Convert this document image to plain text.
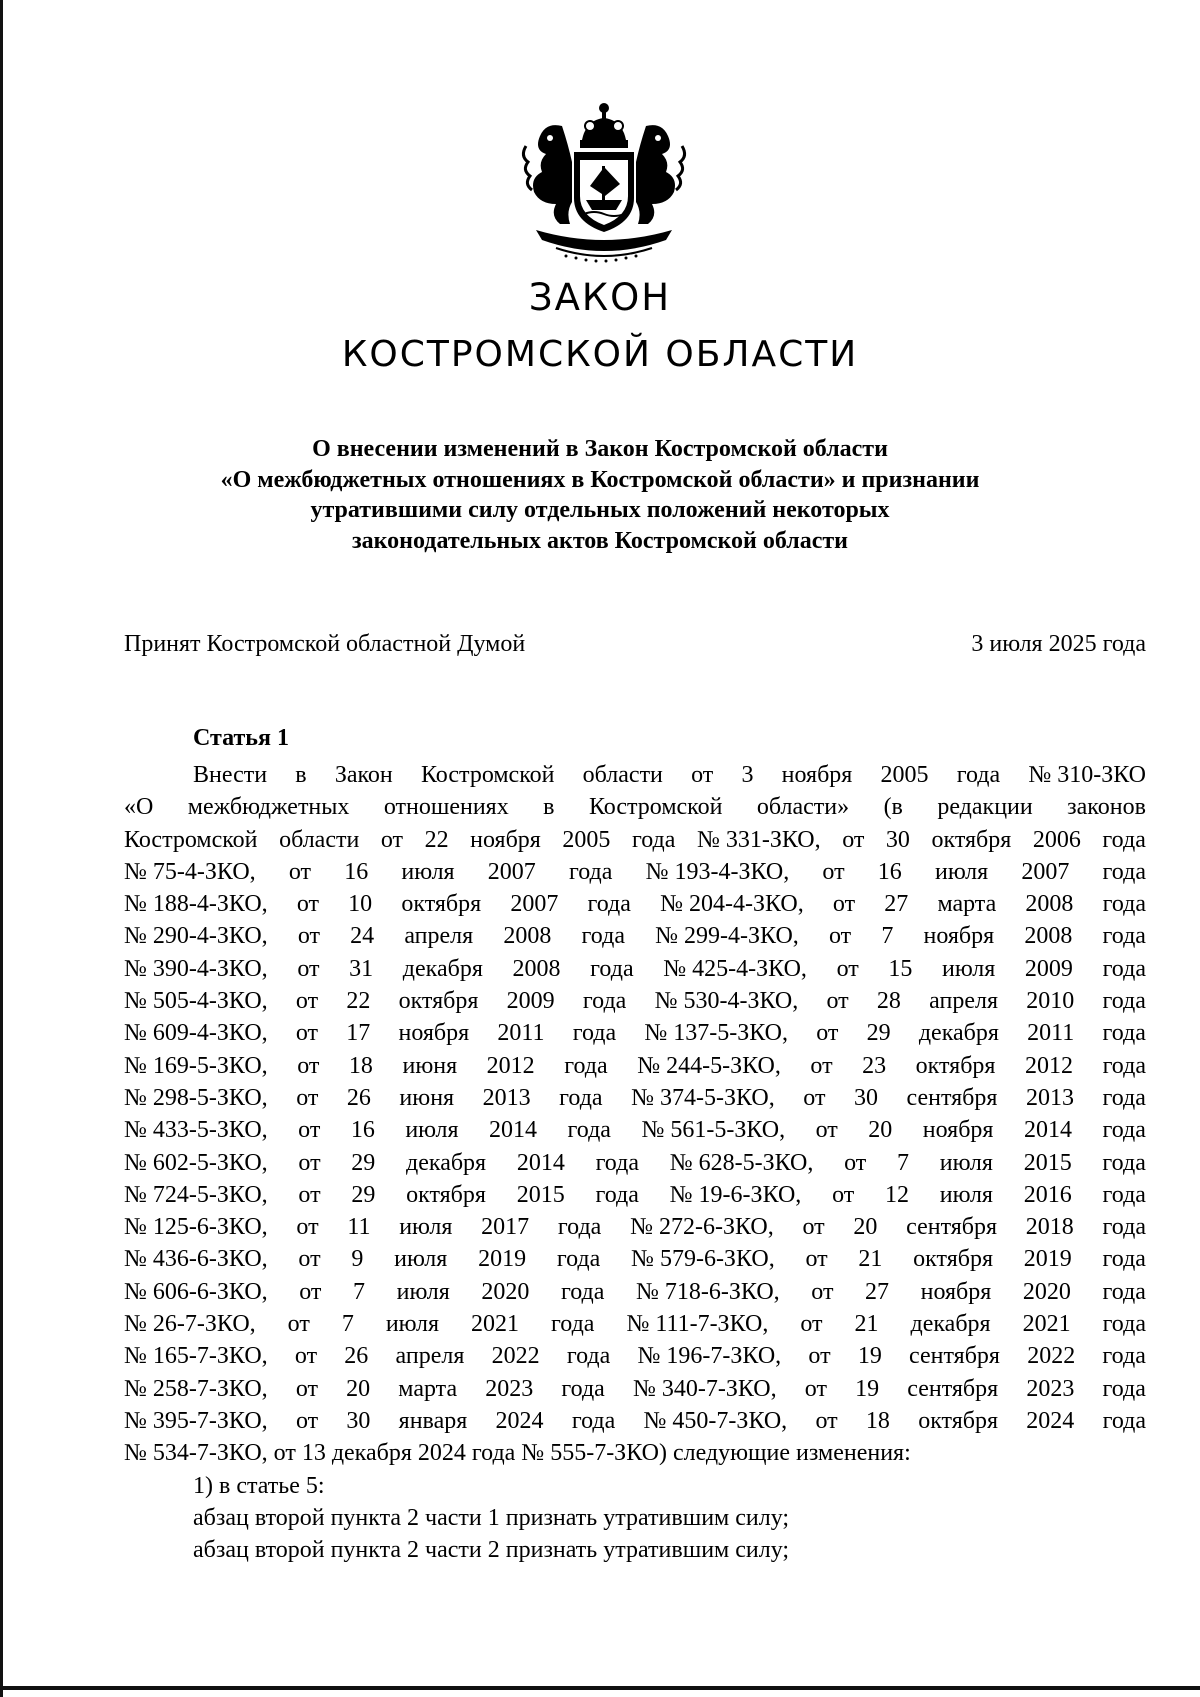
ЗАКОН
КОСТРОМСКОЙ ОБЛАСТИ
О внесении изменений в Закон Костромской области
«О межбюджетных отношениях в Костромской области» и признании
утратившими силу отдельных положений некоторых
законодательных актов Костромской области
Принят Костромской областной Думой	3 июля 2025 года
Статья 1
Внести в Закон Костромской области от 3 ноября 2005 года № 310-ЗКО
«О межбюджетных отношениях в Костромской области» (в редакции законов
Костромской области от 22 ноября 2005 года № 331-ЗКО, от 30 октября 2006 года
№ 75-4-ЗКО, от 16 июля 2007 года № 193-4-ЗКО, от 16 июля 2007 года
№ 188-4-ЗКО, от 10 октября 2007 года № 204-4-ЗКО, от 27 марта 2008 года
№ 290-4-ЗКО, от 24 апреля 2008 года № 299-4-ЗКО, от 7 ноября 2008 года
№ 390-4-ЗКО, от 31 декабря 2008 года № 425-4-ЗКО, от 15 июля 2009 года
№ 505-4-ЗКО, от 22 октября 2009 года № 530-4-ЗКО, от 28 апреля 2010 года
№ 609-4-ЗКО, от 17 ноября 2011 года № 137-5-ЗКО, от 29 декабря 2011 года
№ 169-5-ЗКО, от 18 июня 2012 года № 244-5-ЗКО, от 23 октября 2012 года
№ 298-5-ЗКО, от 26 июня 2013 года № 374-5-ЗКО, от 30 сентября 2013 года
№ 433-5-ЗКО, от 16 июля 2014 года № 561-5-ЗКО, от 20 ноября 2014 года
№ 602-5-ЗКО, от 29 декабря 2014 года № 628-5-ЗКО, от 7 июля 2015 года
№ 724-5-ЗКО, от 29 октября 2015 года № 19-6-ЗКО, от 12 июля 2016 года
№ 125-6-ЗКО, от 11 июля 2017 года № 272-6-ЗКО, от 20 сентября 2018 года
№ 436-6-ЗКО, от 9 июля 2019 года № 579-6-ЗКО, от 21 октября 2019 года
№ 606-6-ЗКО, от 7 июля 2020 года № 718-6-ЗКО, от 27 ноября 2020 года
№ 26-7-ЗКО, от 7 июля 2021 года № 111-7-ЗКО, от 21 декабря 2021 года
№ 165-7-ЗКО, от 26 апреля 2022 года № 196-7-ЗКО, от 19 сентября 2022 года
№ 258-7-ЗКО, от 20 марта 2023 года № 340-7-ЗКО, от 19 сентября 2023 года
№ 395-7-ЗКО, от 30 января 2024 года № 450-7-ЗКО, от 18 октября 2024 года
№ 534-7-ЗКО, от 13 декабря 2024 года № 555-7-ЗКО) следующие изменения:
1) в статье 5:
абзац второй пункта 2 части 1 признать утратившим силу;
абзац второй пункта 2 части 2 признать утратившим силу;
